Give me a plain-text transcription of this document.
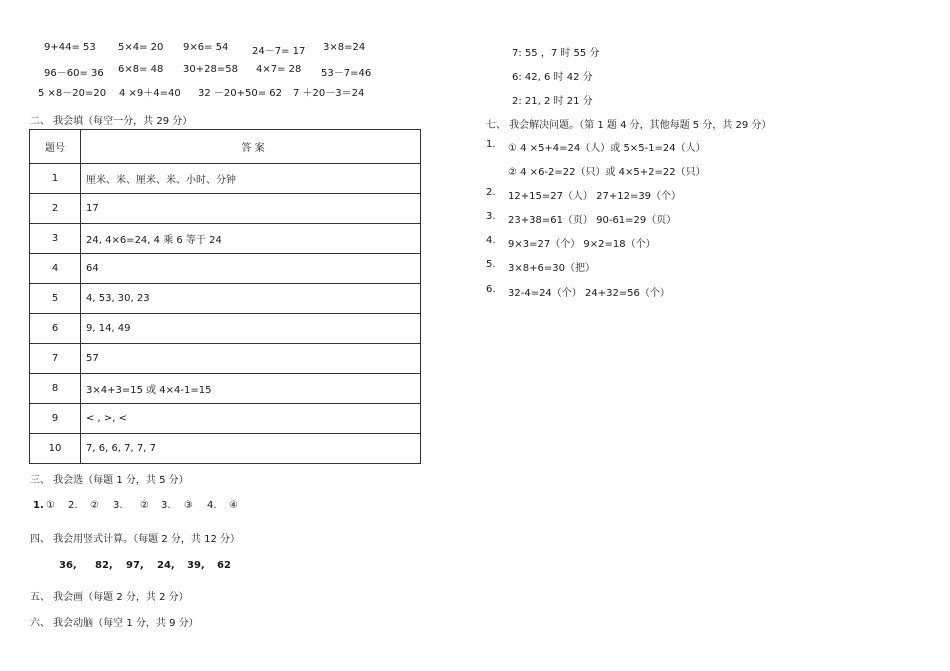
9+44= 53 5×4= 20 9×6= 54 24－7= 17 3×8=24
96－60= 36 6×8= 48 30+28=58 4×7= 28 53－7=46
5 ×8－20=20 4 ×9＋4=40 32 －20+50= 62 7 ＋20－3＝24
二、 我会填（每空一分，共 29 分）
题号	答 案
1	厘米、米、厘米、米、小时、分钟
2	17
3	24, 4×6=24, 4 乘 6 等于 24
4	64
5	4, 53, 30, 23
6	9, 14, 49
7	57
8	3×4+3=15 或 4×4-1=15
9	< , >, <
10	7, 6, 6, 7, 7, 7
三、 我会选（每题 1 分，共 5 分）
1. ① 2. ② 3. ② 3. ③ 4. ④
四、 我会用竖式计算。（每题 2 分，共 12 分）
36, 82, 97, 24, 39, 62
五、 我会画（每题 2 分，共 2 分）
六、 我会动脑（每空 1 分，共 9 分）
7: 55 ，7 时 55 分
6: 42, 6 时 42 分
2: 21, 2 时 21 分
七、 我会解决问题。（第 1 题 4 分，其他每题 5 分，共 29 分）
1. ① 4 ×5+4=24（人）或 5×5-1=24（人）
② 4 ×6-2=22（只）或 4×5+2=22（只）
2. 12+15=27（人） 27+12=39（个）
3. 23+38=61（页） 90-61=29（页）
4. 9×3=27（个） 9×2=18（个）
5. 3×8+6=30（把）
6. 32-4=24（个） 24+32=56（个）
